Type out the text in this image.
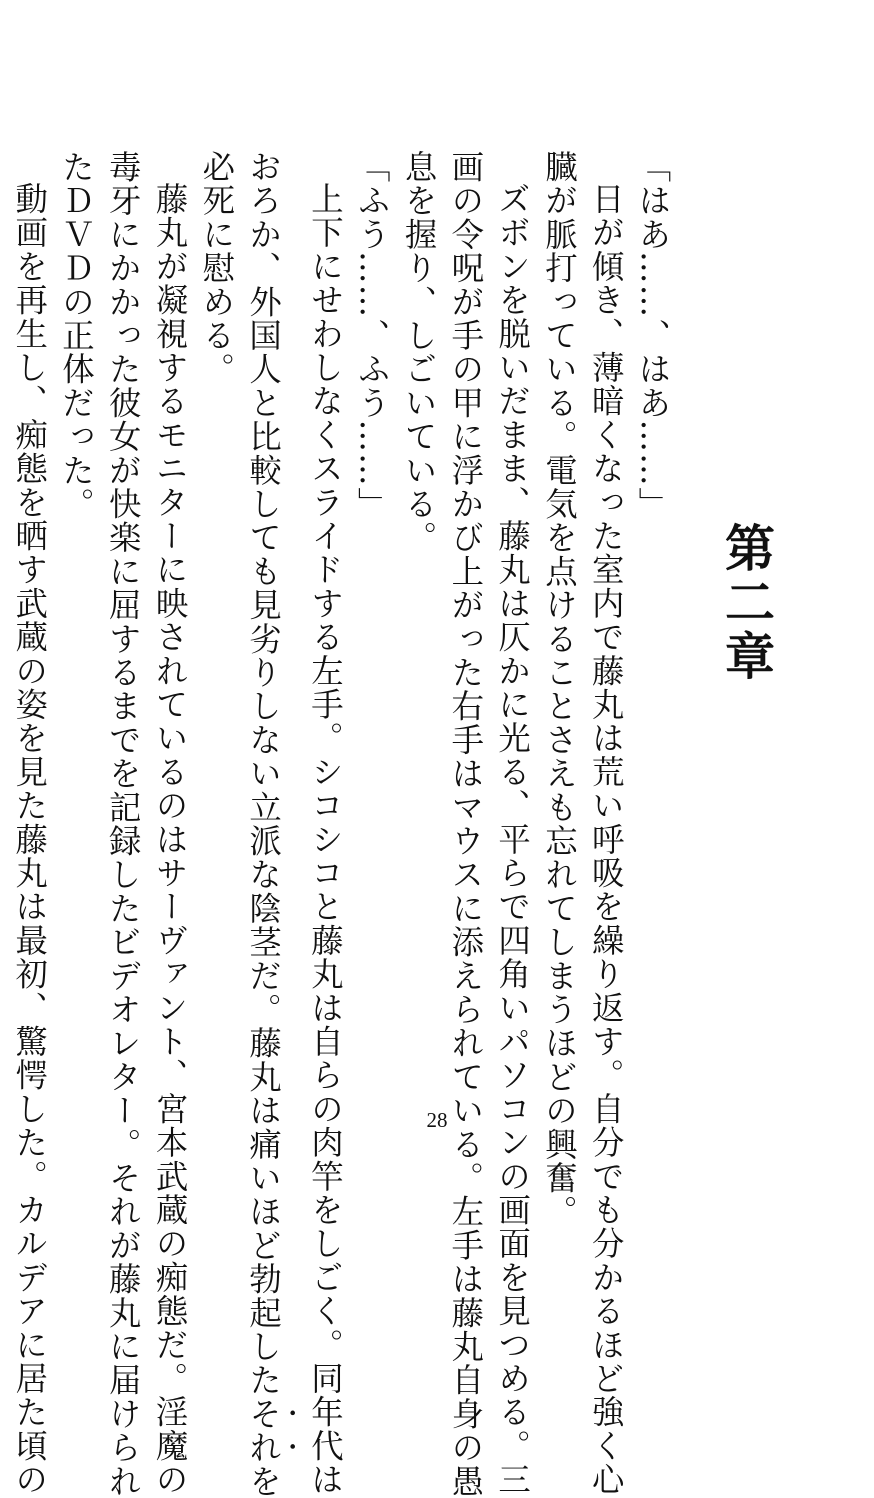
第二章

「はあ……、はあ……」

日が傾き、薄暗くなった室内で藤丸は荒い呼吸を繰り返す。自分でも分かるほど強く心

臓が脈打っている。電気を点けることさえも忘れてしまうほどの興奮。

ズボンを脱いだまま、藤丸は仄かに光る、平らで四角いパソコンの画面を見つめる。三

画の令呪が手の甲に浮かび上がった右手はマウスに添えられている。左手は藤丸自身の愚

息を握り、しごいている。

「ふう……、ふう……」

上下にせわしなくスライドする左手。シコシコと藤丸は自らの肉竿をしごく。同年代は

おろか、外国人と比較しても見劣りしない立派な陰茎だ。藤丸は痛いほど勃起したそれを

必死に慰める。

藤丸が凝視するモニターに映されているのはサーヴァント、宮本武蔵の痴態だ。淫魔の

毒牙にかかった彼女が快楽に屈するまでを記録したビデオレター。それが藤丸に届けられ

たＤＶＤの正体だった。

動画を再生し、痴態を晒す武蔵の姿を見た藤丸は最初、驚愕した。カルデアに居た頃の	28
